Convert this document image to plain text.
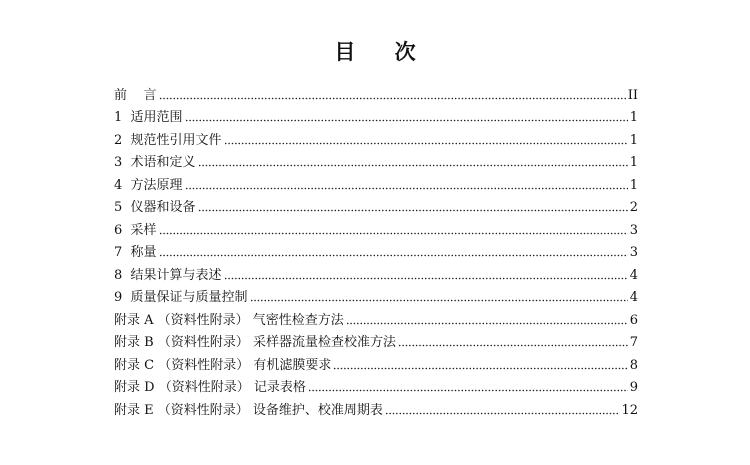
目 次
前    言	II
1  适用范围	1
2  规范性引用文件	1
3  术语和定义	1
4  方法原理	1
5  仪器和设备	2
6  采样	3
7  称量	3
8  结果计算与表述	4
9  质量保证与质量控制	4
附录 A （资料性附录） 气密性检查方法	6
附录 B （资料性附录） 采样器流量检查校准方法	7
附录 C （资料性附录） 有机滤膜要求	8
附录 D （资料性附录） 记录表格	9
附录 E （资料性附录） 设备维护、校准周期表	12
